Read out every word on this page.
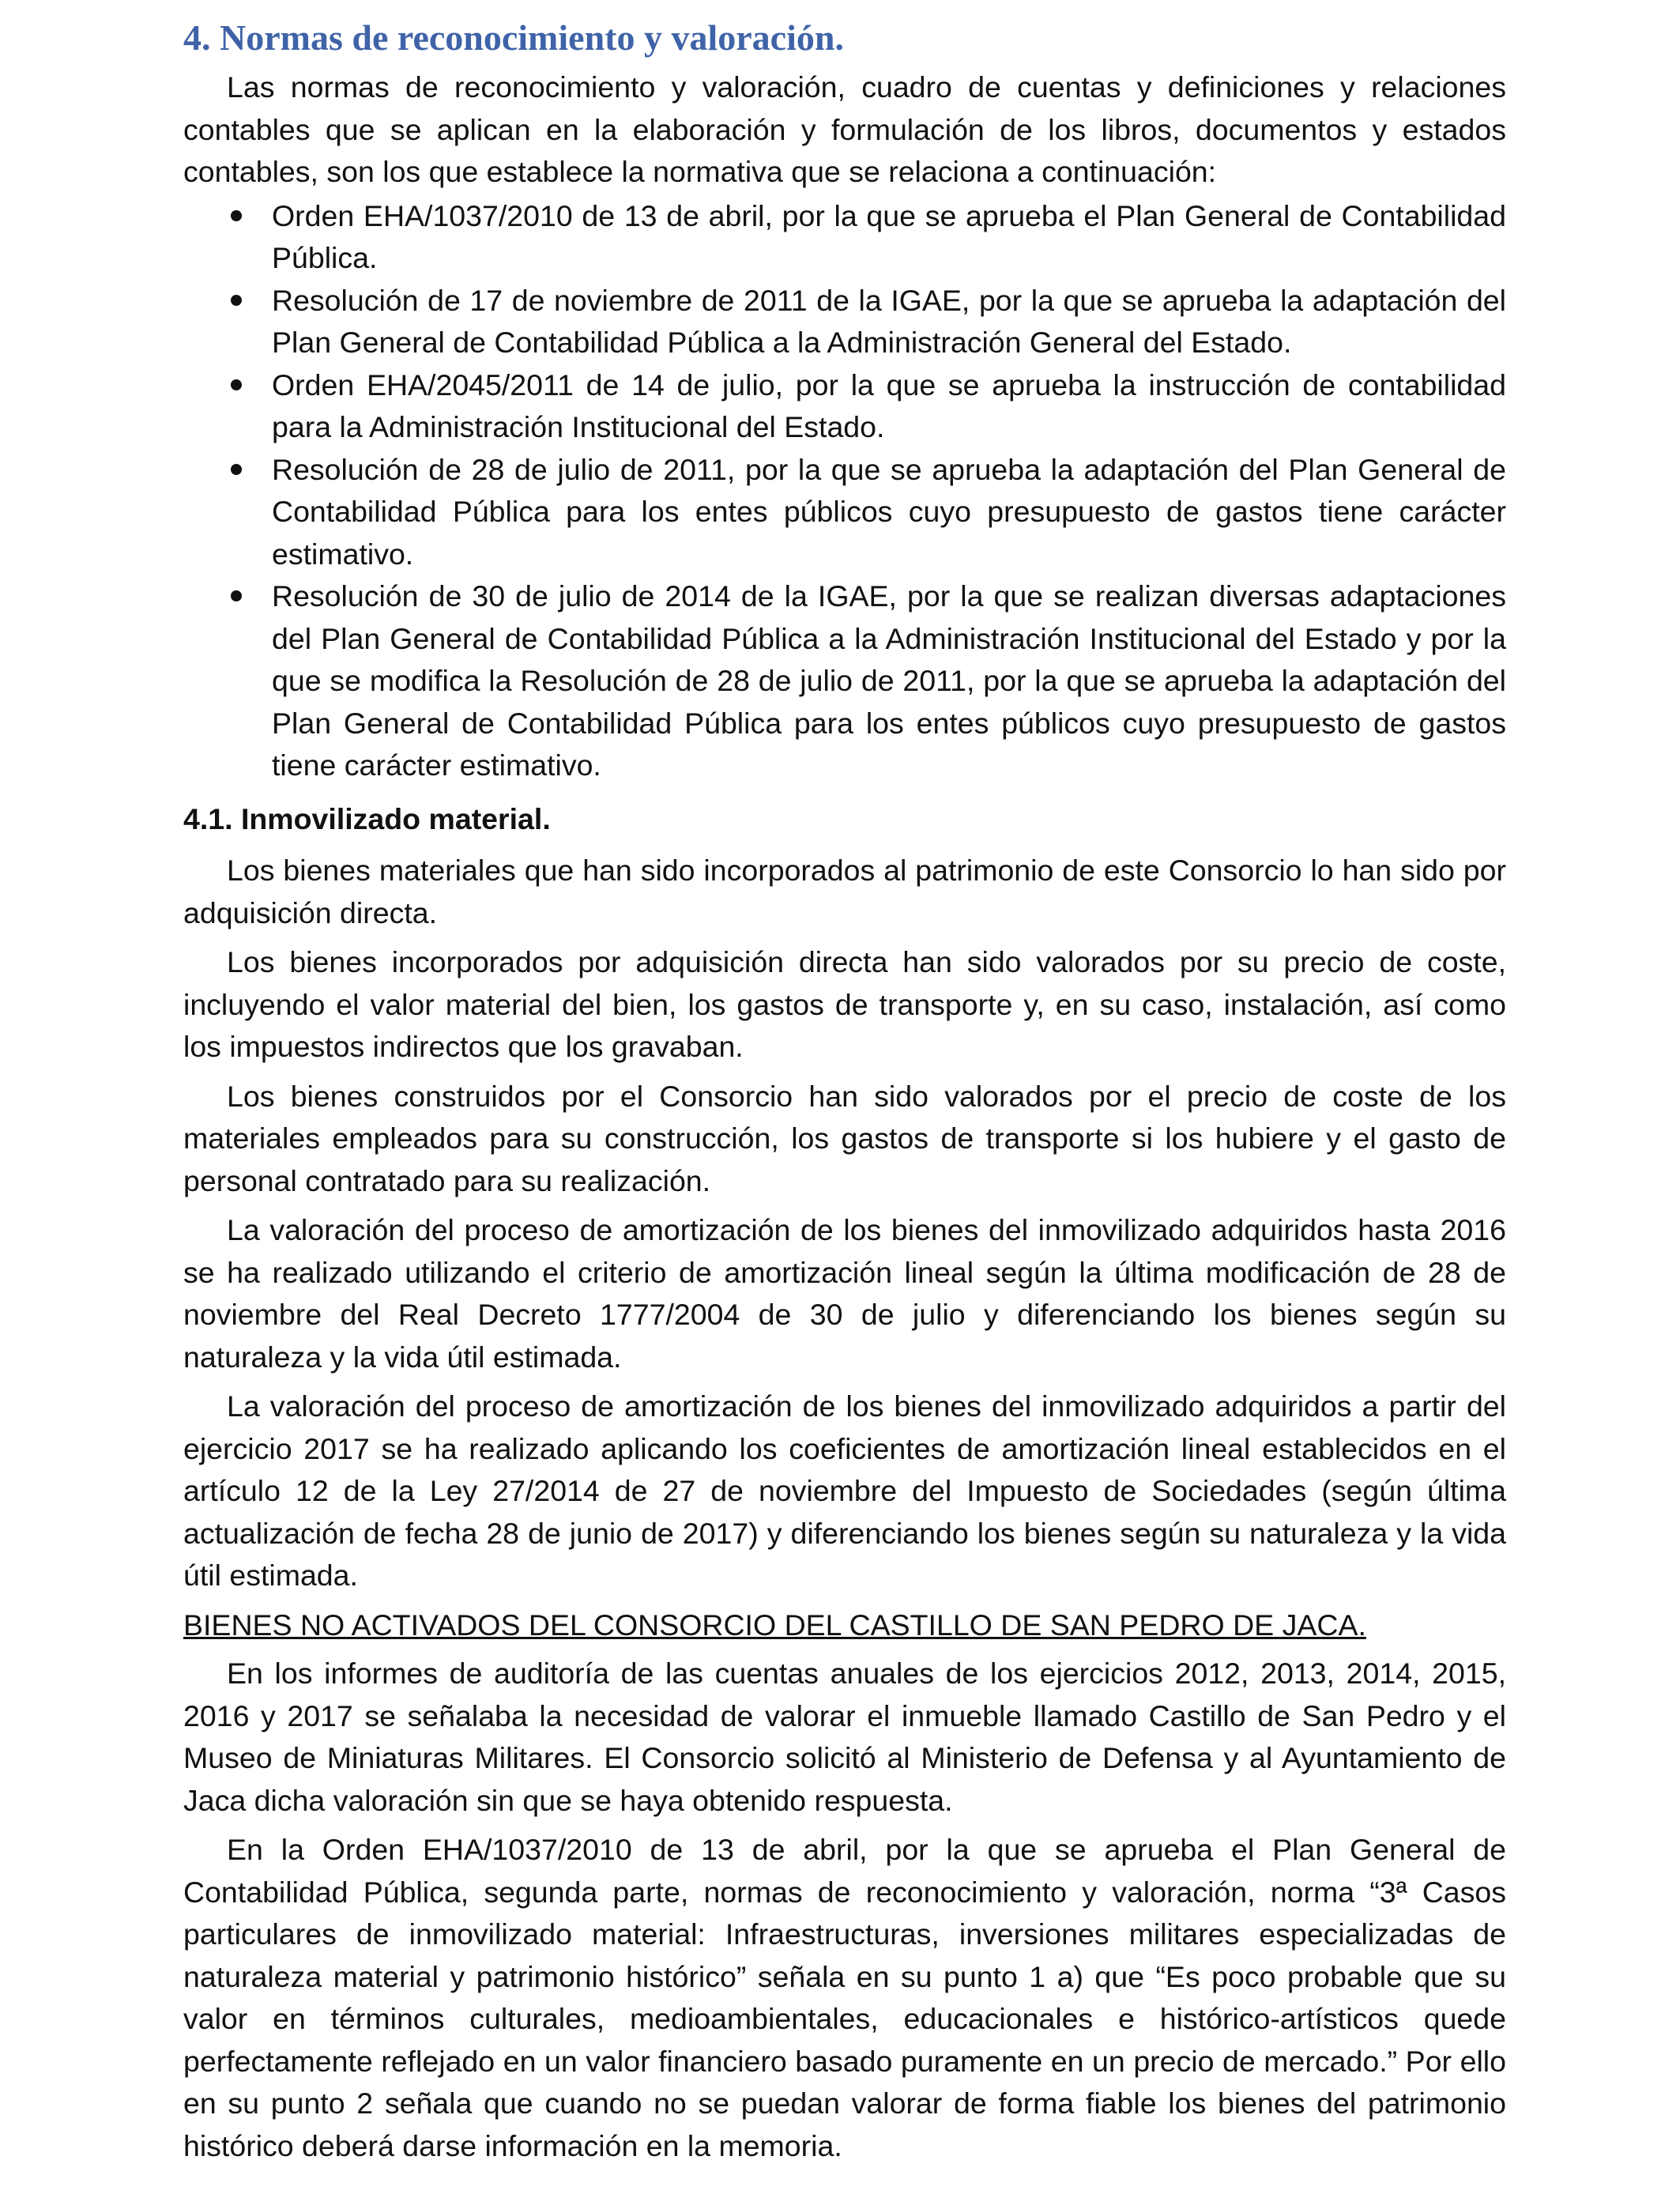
4. Normas de reconocimiento y valoración.

Las normas de reconocimiento y valoración, cuadro de cuentas y definiciones y relaciones contables que se aplican en la elaboración y formulación de los libros, documentos y estados contables, son los que establece la normativa que se relaciona a continuación:

Orden EHA/1037/2010 de 13 de abril, por la que se aprueba el Plan General de Contabilidad Pública.
Resolución de 17 de noviembre de 2011 de la IGAE, por la que se aprueba la adaptación del Plan General de Contabilidad Pública a la Administración General del Estado.
Orden EHA/2045/2011 de 14 de julio, por la que se aprueba la instrucción de contabilidad para la Administración Institucional del Estado.
Resolución de 28 de julio de 2011, por la que se aprueba la adaptación del Plan General de Contabilidad Pública para los entes públicos cuyo presupuesto de gastos tiene carácter estimativo.
Resolución de 30 de julio de 2014 de la IGAE, por la que se realizan diversas adaptaciones del Plan General de Contabilidad Pública a la Administración Institucional del Estado y por la que se modifica la Resolución de 28 de julio de 2011, por la que se aprueba la adaptación del Plan General de Contabilidad Pública para los entes públicos cuyo presupuesto de gastos tiene carácter estimativo.

4.1. Inmovilizado material.

Los bienes materiales que han sido incorporados al patrimonio de este Consorcio lo han sido por adquisición directa.

Los bienes incorporados por adquisición directa han sido valorados por su precio de coste, incluyendo el valor material del bien, los gastos de transporte y, en su caso, instalación, así como los impuestos indirectos que los gravaban.

Los bienes construidos por el Consorcio han sido valorados por el precio de coste de los materiales empleados para su construcción, los gastos de transporte si los hubiere y el gasto de personal contratado para su realización.

La valoración del proceso de amortización de los bienes del inmovilizado adquiridos hasta 2016 se ha realizado utilizando el criterio de amortización lineal según la última modificación de 28 de noviembre del Real Decreto 1777/2004 de 30 de julio y diferenciando los bienes según su naturaleza y la vida útil estimada.

La valoración del proceso de amortización de los bienes del inmovilizado adquiridos a partir del ejercicio 2017 se ha realizado aplicando los coeficientes de amortización lineal establecidos en el artículo 12 de la Ley 27/2014 de 27 de noviembre del Impuesto de Sociedades (según última actualización de fecha 28 de junio de 2017) y diferenciando los bienes según su naturaleza y la vida útil estimada.

BIENES NO ACTIVADOS DEL CONSORCIO DEL CASTILLO DE SAN PEDRO DE JACA.

En los informes de auditoría de las cuentas anuales de los ejercicios 2012, 2013, 2014, 2015, 2016 y 2017 se señalaba la necesidad de valorar el inmueble llamado Castillo de San Pedro y el Museo de Miniaturas Militares. El Consorcio solicitó al Ministerio de Defensa y al Ayuntamiento de Jaca dicha valoración sin que se haya obtenido respuesta.

En la Orden EHA/1037/2010 de 13 de abril, por la que se aprueba el Plan General de Contabilidad Pública, segunda parte, normas de reconocimiento y valoración, norma “3ª Casos particulares de inmovilizado material: Infraestructuras, inversiones militares especializadas de naturaleza material y patrimonio histórico” señala en su punto 1 a) que “Es poco probable que su valor en términos culturales, medioambientales, educacionales e histórico-artísticos quede perfectamente reflejado en un valor financiero basado puramente en un precio de mercado.” Por ello en su punto 2 señala que cuando no se puedan valorar de forma fiable los bienes del patrimonio histórico deberá darse información en la memoria.
